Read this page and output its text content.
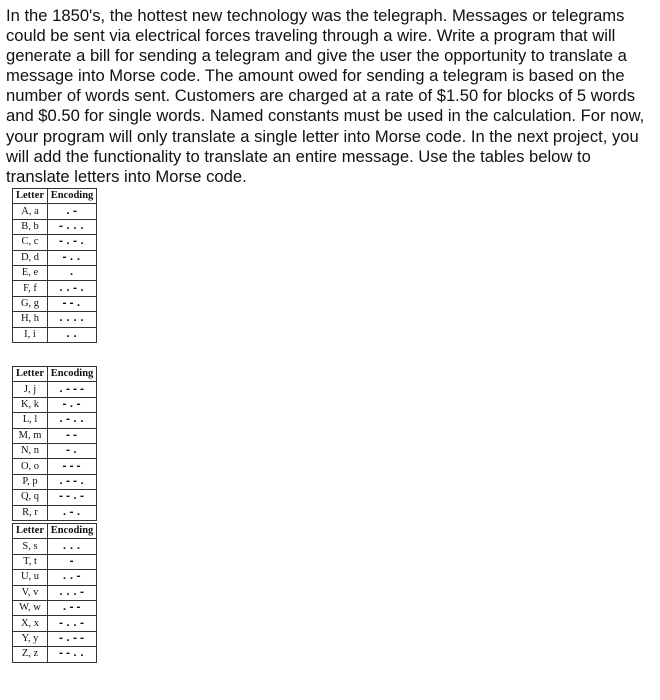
In the 1850's, the hottest new technology was the telegraph. Messages or telegrams could be sent via electrical forces traveling through a wire. Write a program that will generate a bill for sending a telegram and give the user the opportunity to translate a message into Morse code. The amount owed for sending a telegram is based on the number of words sent. Customers are charged at a rate of $1.50 for blocks of 5 words and $0.50 for single words. Named constants must be used in the calculation. For now, your program will only translate a single letter into Morse code. In the next project, you will add the functionality to translate an entire message. Use the tables below to translate letters into Morse code.

Letter	Encoding
A, a	.-
B, b	-...
C, c	-.-.
D, d	-..
E, e	.
F, f	..-.
G, g	--.
H, h	....
I, i	..
Letter	Encoding
J, j	.---
K, k	-.-
L, l	.-..
M, m	--
N, n	-.
O, o	---
P, p	.--.
Q, q	--.-
R, r	.-.
Letter	Encoding
S, s	...
T, t	-
U, u	..-
V, v	...-
W, w	.--
X, x	-..-
Y, y	-.--
Z, z	--..
